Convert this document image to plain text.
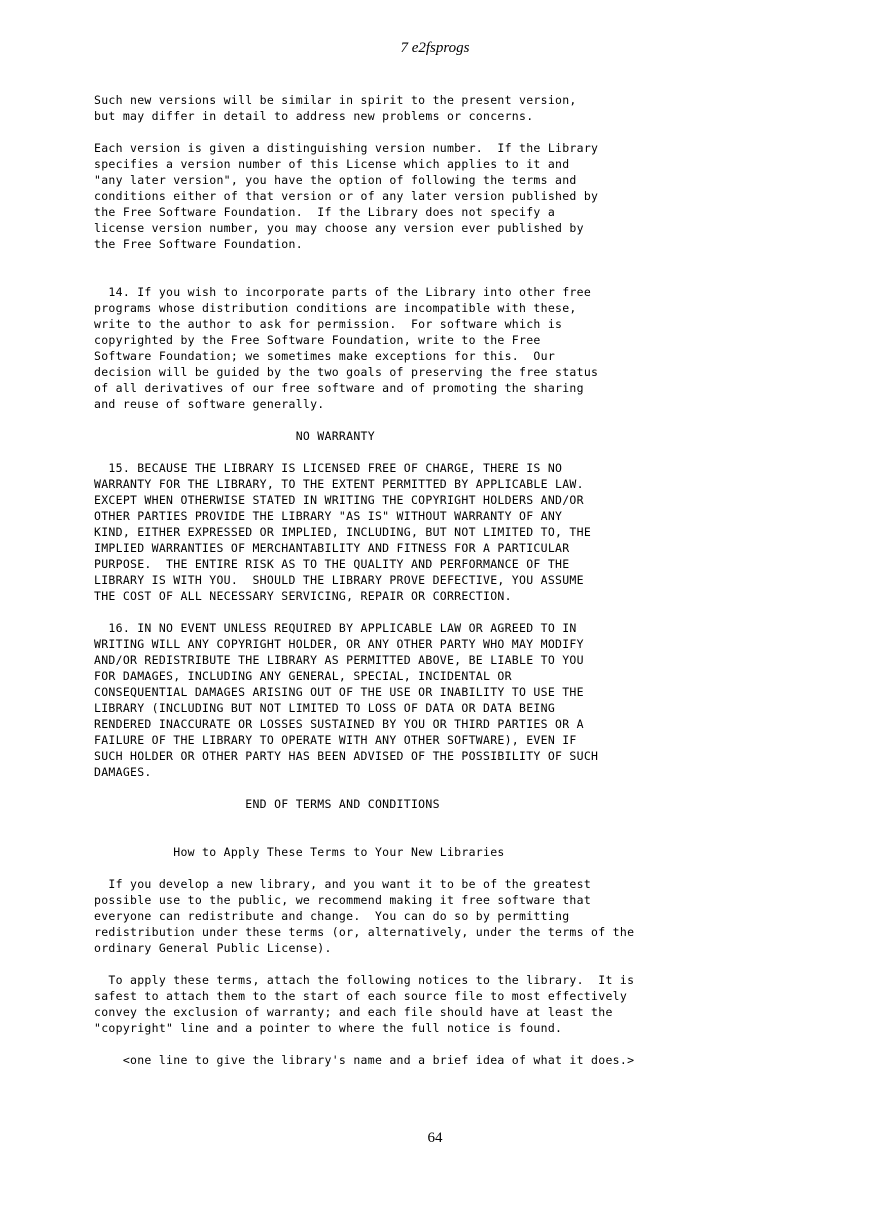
7 e2fsprogs
Such new versions will be similar in spirit to the present version,
but may differ in detail to address new problems or concerns.

Each version is given a distinguishing version number.  If the Library
specifies a version number of this License which applies to it and
"any later version", you have the option of following the terms and
conditions either of that version or of any later version published by
the Free Software Foundation.  If the Library does not specify a
license version number, you may choose any version ever published by
the Free Software Foundation.

14. If you wish to incorporate parts of the Library into other free
programs whose distribution conditions are incompatible with these,
write to the author to ask for permission.  For software which is
copyrighted by the Free Software Foundation, write to the Free
Software Foundation; we sometimes make exceptions for this.  Our
decision will be guided by the two goals of preserving the free status
of all derivatives of our free software and of promoting the sharing
and reuse of software generally.

NO WARRANTY

15. BECAUSE THE LIBRARY IS LICENSED FREE OF CHARGE, THERE IS NO
WARRANTY FOR THE LIBRARY, TO THE EXTENT PERMITTED BY APPLICABLE LAW.
EXCEPT WHEN OTHERWISE STATED IN WRITING THE COPYRIGHT HOLDERS AND/OR
OTHER PARTIES PROVIDE THE LIBRARY "AS IS" WITHOUT WARRANTY OF ANY
KIND, EITHER EXPRESSED OR IMPLIED, INCLUDING, BUT NOT LIMITED TO, THE
IMPLIED WARRANTIES OF MERCHANTABILITY AND FITNESS FOR A PARTICULAR
PURPOSE.  THE ENTIRE RISK AS TO THE QUALITY AND PERFORMANCE OF THE
LIBRARY IS WITH YOU.  SHOULD THE LIBRARY PROVE DEFECTIVE, YOU ASSUME
THE COST OF ALL NECESSARY SERVICING, REPAIR OR CORRECTION.

16. IN NO EVENT UNLESS REQUIRED BY APPLICABLE LAW OR AGREED TO IN
WRITING WILL ANY COPYRIGHT HOLDER, OR ANY OTHER PARTY WHO MAY MODIFY
AND/OR REDISTRIBUTE THE LIBRARY AS PERMITTED ABOVE, BE LIABLE TO YOU
FOR DAMAGES, INCLUDING ANY GENERAL, SPECIAL, INCIDENTAL OR
CONSEQUENTIAL DAMAGES ARISING OUT OF THE USE OR INABILITY TO USE THE
LIBRARY (INCLUDING BUT NOT LIMITED TO LOSS OF DATA OR DATA BEING
RENDERED INACCURATE OR LOSSES SUSTAINED BY YOU OR THIRD PARTIES OR A
FAILURE OF THE LIBRARY TO OPERATE WITH ANY OTHER SOFTWARE), EVEN IF
SUCH HOLDER OR OTHER PARTY HAS BEEN ADVISED OF THE POSSIBILITY OF SUCH
DAMAGES.

END OF TERMS AND CONDITIONS

How to Apply These Terms to Your New Libraries

If you develop a new library, and you want it to be of the greatest
possible use to the public, we recommend making it free software that
everyone can redistribute and change.  You can do so by permitting
redistribution under these terms (or, alternatively, under the terms of the
ordinary General Public License).

To apply these terms, attach the following notices to the library.  It is
safest to attach them to the start of each source file to most effectively
convey the exclusion of warranty; and each file should have at least the
"copyright" line and a pointer to where the full notice is found.

<one line to give the library's name and a brief idea of what it does.>
64
